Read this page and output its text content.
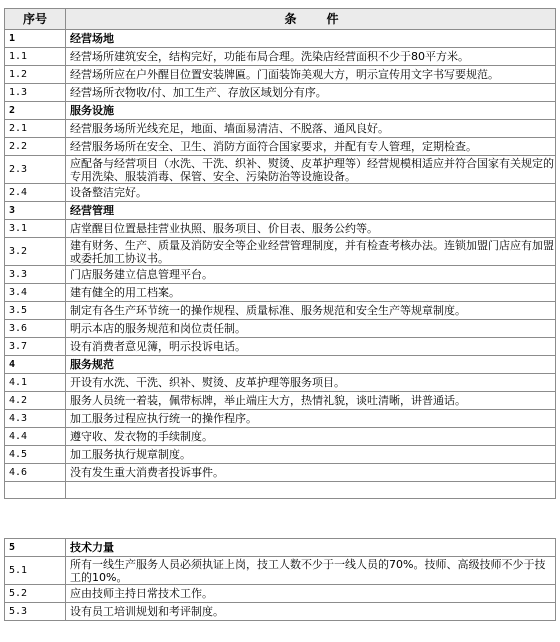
序号	条　　件
1	经营场地
1.1	经营场所建筑安全，结构完好，功能布局合理。洗染店经营面积不少于80平方米。
1.2	经营场所应在户外醒目位置安装牌匾。门面装饰美观大方，明示宣传用文字书写要规范。
1.3	经营场所衣物收/付、加工生产、存放区域划分有序。
2	服务设施
2.1	经营服务场所光线充足，地面、墙面易清洁、不脱落、通风良好。
2.2	经营服务场所在安全、卫生、消防方面符合国家要求，并配有专人管理，定期检查。
2.3	应配备与经营项目（水洗、干洗、织补、熨烫、皮革护理等）经营规模相适应并符合国家有关规定的专用洗染、服装消毒、保管、安全、污染防治等设施设备。
2.4	设备整洁完好。
3	经营管理
3.1	店堂醒目位置悬挂营业执照、服务项目、价目表、服务公约等。
3.2	建有财务、生产、质量及消防安全等企业经营管理制度，并有检查考核办法。连锁加盟门店应有加盟或委托加工协议书。
3.3	门店服务建立信息管理平台。
3.4	建有健全的用工档案。
3.5	制定有各生产环节统一的操作规程、质量标准、服务规范和安全生产等规章制度。
3.6	明示本店的服务规范和岗位责任制。
3.7	设有消费者意见簿，明示投诉电话。
4	服务规范
4.1	开设有水洗、干洗、织补、熨烫、皮革护理等服务项目。
4.2	服务人员统一着装，佩带标牌，举止端庄大方，热情礼貌，谈吐清晰，讲普通话。
4.3	加工服务过程应执行统一的操作程序。
4.4	遵守收、发衣物的手续制度。
4.5	加工服务执行规章制度。
4.6	没有发生重大消费者投诉事件。

5	技术力量
5.1	所有一线生产服务人员必须执证上岗，技工人数不少于一线人员的70%。技师、高级技师不少于技工的10%。
5.2	应由技师主持日常技术工作。
5.3	设有员工培训规划和考评制度。
